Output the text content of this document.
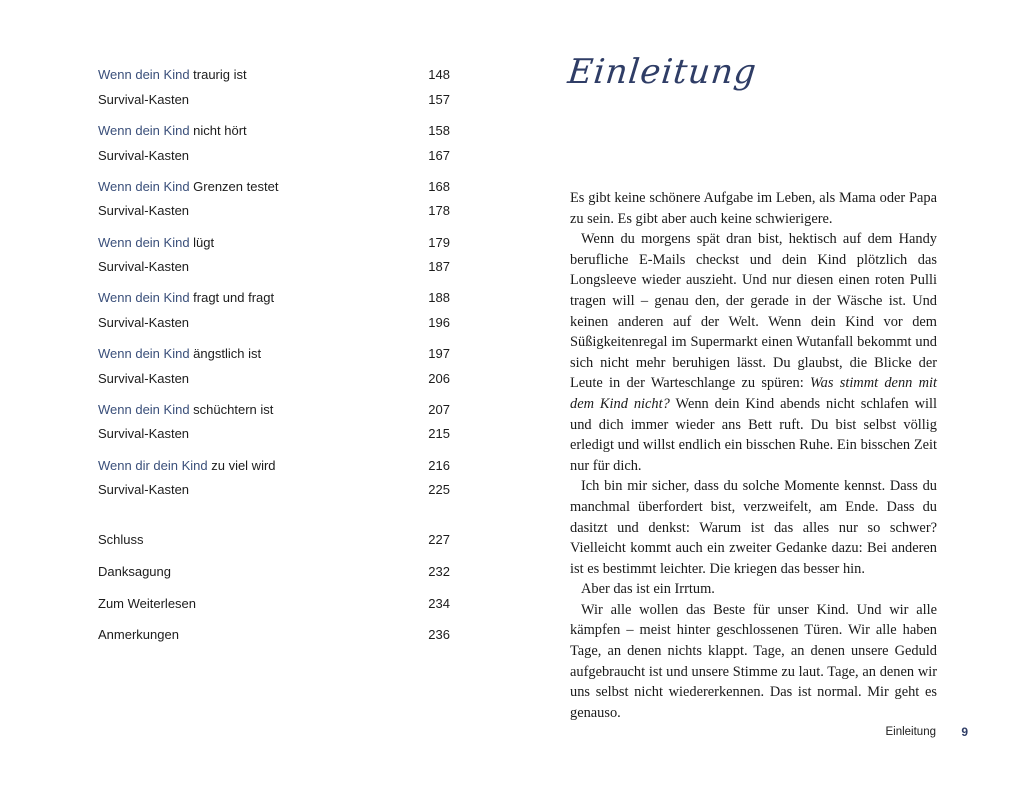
Wenn dein Kind traurig ist	148
Survival-Kasten	157
Wenn dein Kind nicht hört	158
Survival-Kasten	167
Wenn dein Kind Grenzen testet	168
Survival-Kasten	178
Wenn dein Kind lügt	179
Survival-Kasten	187
Wenn dein Kind fragt und fragt	188
Survival-Kasten	196
Wenn dein Kind ängstlich ist	197
Survival-Kasten	206
Wenn dein Kind schüchtern ist	207
Survival-Kasten	215
Wenn dir dein Kind zu viel wird	216
Survival-Kasten	225
Schluss	227
Danksagung	232
Zum Weiterlesen	234
Anmerkungen	236
Einleitung

Es gibt keine schönere Aufgabe im Leben, als Mama oder Papa zu sein. Es gibt aber auch keine schwierigere.

Wenn du morgens spät dran bist, hektisch auf dem Handy berufliche E-Mails checkst und dein Kind plötzlich das Longsleeve wieder auszieht. Und nur diesen einen roten Pulli tragen will – genau den, der gerade in der Wäsche ist. Und keinen anderen auf der Welt. Wenn dein Kind vor dem Süßigkeitenregal im Supermarkt einen Wutanfall bekommt und sich nicht mehr beruhigen lässt. Du glaubst, die Blicke der Leute in der Warteschlange zu spüren: Was stimmt denn mit dem Kind nicht? Wenn dein Kind abends nicht schlafen will und dich immer wieder ans Bett ruft. Du bist selbst völlig erledigt und willst endlich ein bisschen Ruhe. Ein bisschen Zeit nur für dich.

Ich bin mir sicher, dass du solche Momente kennst. Dass du manchmal überfordert bist, verzweifelt, am Ende. Dass du dasitzt und denkst: Warum ist das alles nur so schwer? Vielleicht kommt auch ein zweiter Gedanke dazu: Bei anderen ist es bestimmt leichter. Die kriegen das besser hin.

Aber das ist ein Irrtum.

Wir alle wollen das Beste für unser Kind. Und wir alle kämpfen – meist hinter geschlossenen Türen. Wir alle haben Tage, an denen nichts klappt. Tage, an denen unsere Geduld aufgebraucht ist und unsere Stimme zu laut. Tage, an denen wir uns selbst nicht wiedererkennen. Das ist normal. Mir geht es genauso.

Einleitung 9
